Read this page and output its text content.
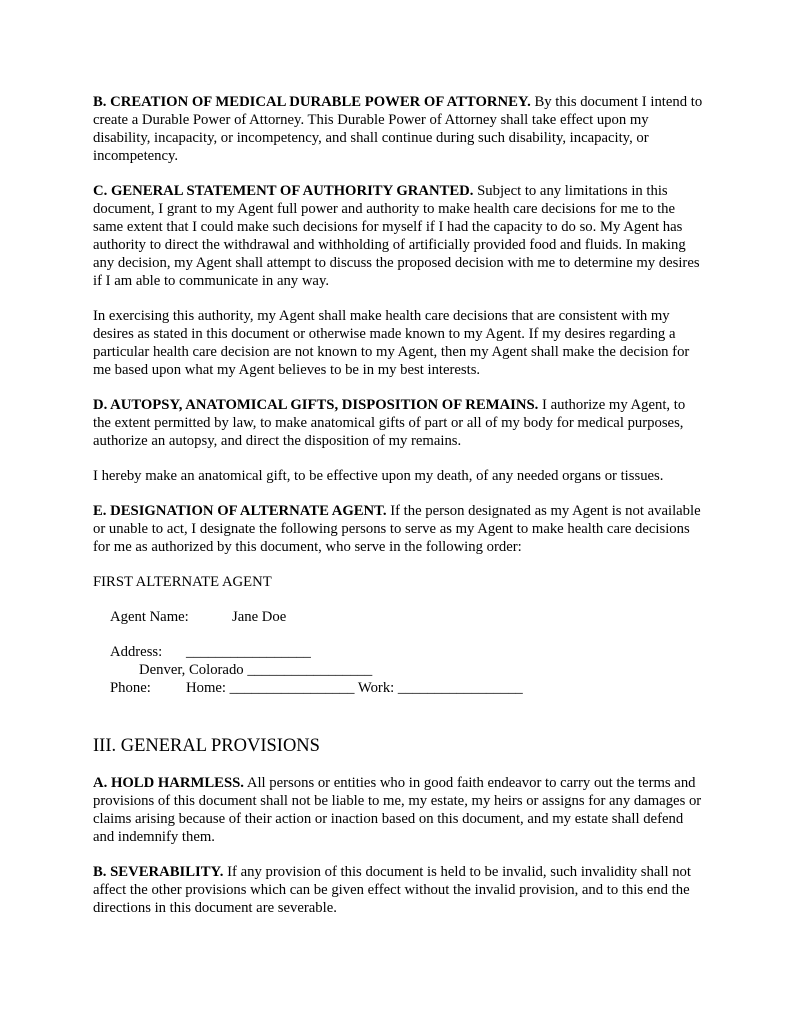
B. CREATION OF MEDICAL DURABLE POWER OF ATTORNEY. By this document I intend to create a Durable Power of Attorney. This Durable Power of Attorney shall take effect upon my disability, incapacity, or incompetency, and shall continue during such disability, incapacity, or incompetency.

C. GENERAL STATEMENT OF AUTHORITY GRANTED. Subject to any limitations in this document, I grant to my Agent full power and authority to make health care decisions for me to the same extent that I could make such decisions for myself if I had the capacity to do so. My Agent has authority to direct the withdrawal and withholding of artificially provided food and fluids. In making any decision, my Agent shall attempt to discuss the proposed decision with me to determine my desires if I am able to communicate in any way.

In exercising this authority, my Agent shall make health care decisions that are consistent with my desires as stated in this document or otherwise made known to my Agent. If my desires regarding a particular health care decision are not known to my Agent, then my Agent shall make the decision for me based upon what my Agent believes to be in my best interests.

D. AUTOPSY, ANATOMICAL GIFTS, DISPOSITION OF REMAINS. I authorize my Agent, to the extent permitted by law, to make anatomical gifts of part or all of my body for medical purposes, authorize an autopsy, and direct the disposition of my remains.

I hereby make an anatomical gift, to be effective upon my death, of any needed organs or tissues.

E. DESIGNATION OF ALTERNATE AGENT. If the person designated as my Agent is not available or unable to act, I designate the following persons to serve as my Agent to make health care decisions for me as authorized by this document, who serve in the following order:

FIRST ALTERNATE AGENT

Agent Name:	Jane Doe
Address: _________________
Denver, Colorado _________________
Phone: Home: _________________ Work: _________________
III. GENERAL PROVISIONS

A. HOLD HARMLESS. All persons or entities who in good faith endeavor to carry out the terms and provisions of this document shall not be liable to me, my estate, my heirs or assigns for any damages or claims arising because of their action or inaction based on this document, and my estate shall defend and indemnify them.

B. SEVERABILITY. If any provision of this document is held to be invalid, such invalidity shall not affect the other provisions which can be given effect without the invalid provision, and to this end the directions in this document are severable.
